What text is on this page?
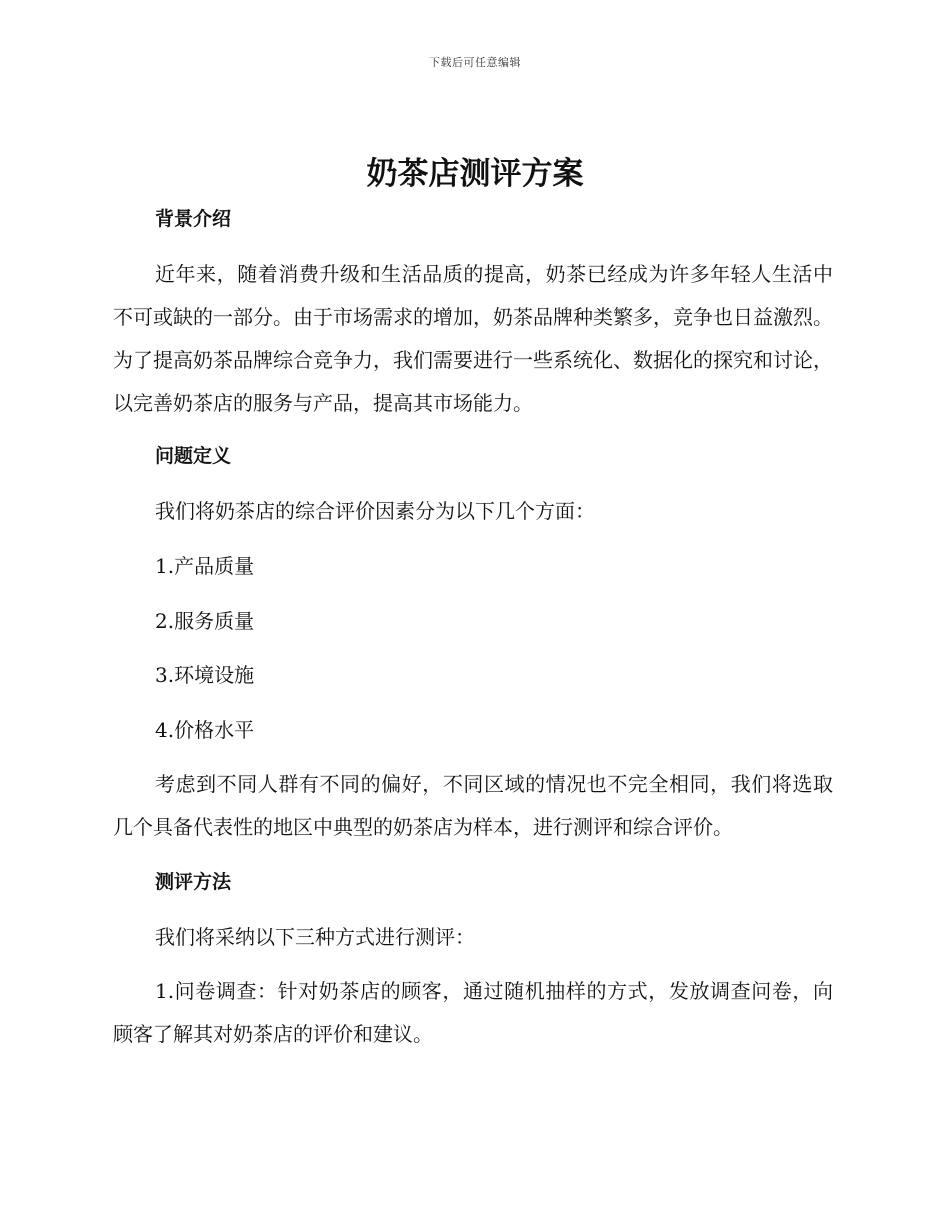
下载后可任意编辑
奶茶店测评方案

背景介绍

近年来，随着消费升级和生活品质的提高，奶茶已经成为许多年轻人生活中不可或缺的一部分。由于市场需求的增加，奶茶品牌种类繁多，竞争也日益激烈。为了提高奶茶品牌综合竞争力，我们需要进行一些系统化、数据化的探究和讨论，以完善奶茶店的服务与产品，提高其市场能力。

问题定义

我们将奶茶店的综合评价因素分为以下几个方面：

1.产品质量

2.服务质量

3.环境设施

4.价格水平

考虑到不同人群有不同的偏好，不同区域的情况也不完全相同，我们将选取几个具备代表性的地区中典型的奶茶店为样本，进行测评和综合评价。

测评方法

我们将采纳以下三种方式进行测评：

1.问卷调查：针对奶茶店的顾客，通过随机抽样的方式，发放调查问卷，向顾客了解其对奶茶店的评价和建议。
